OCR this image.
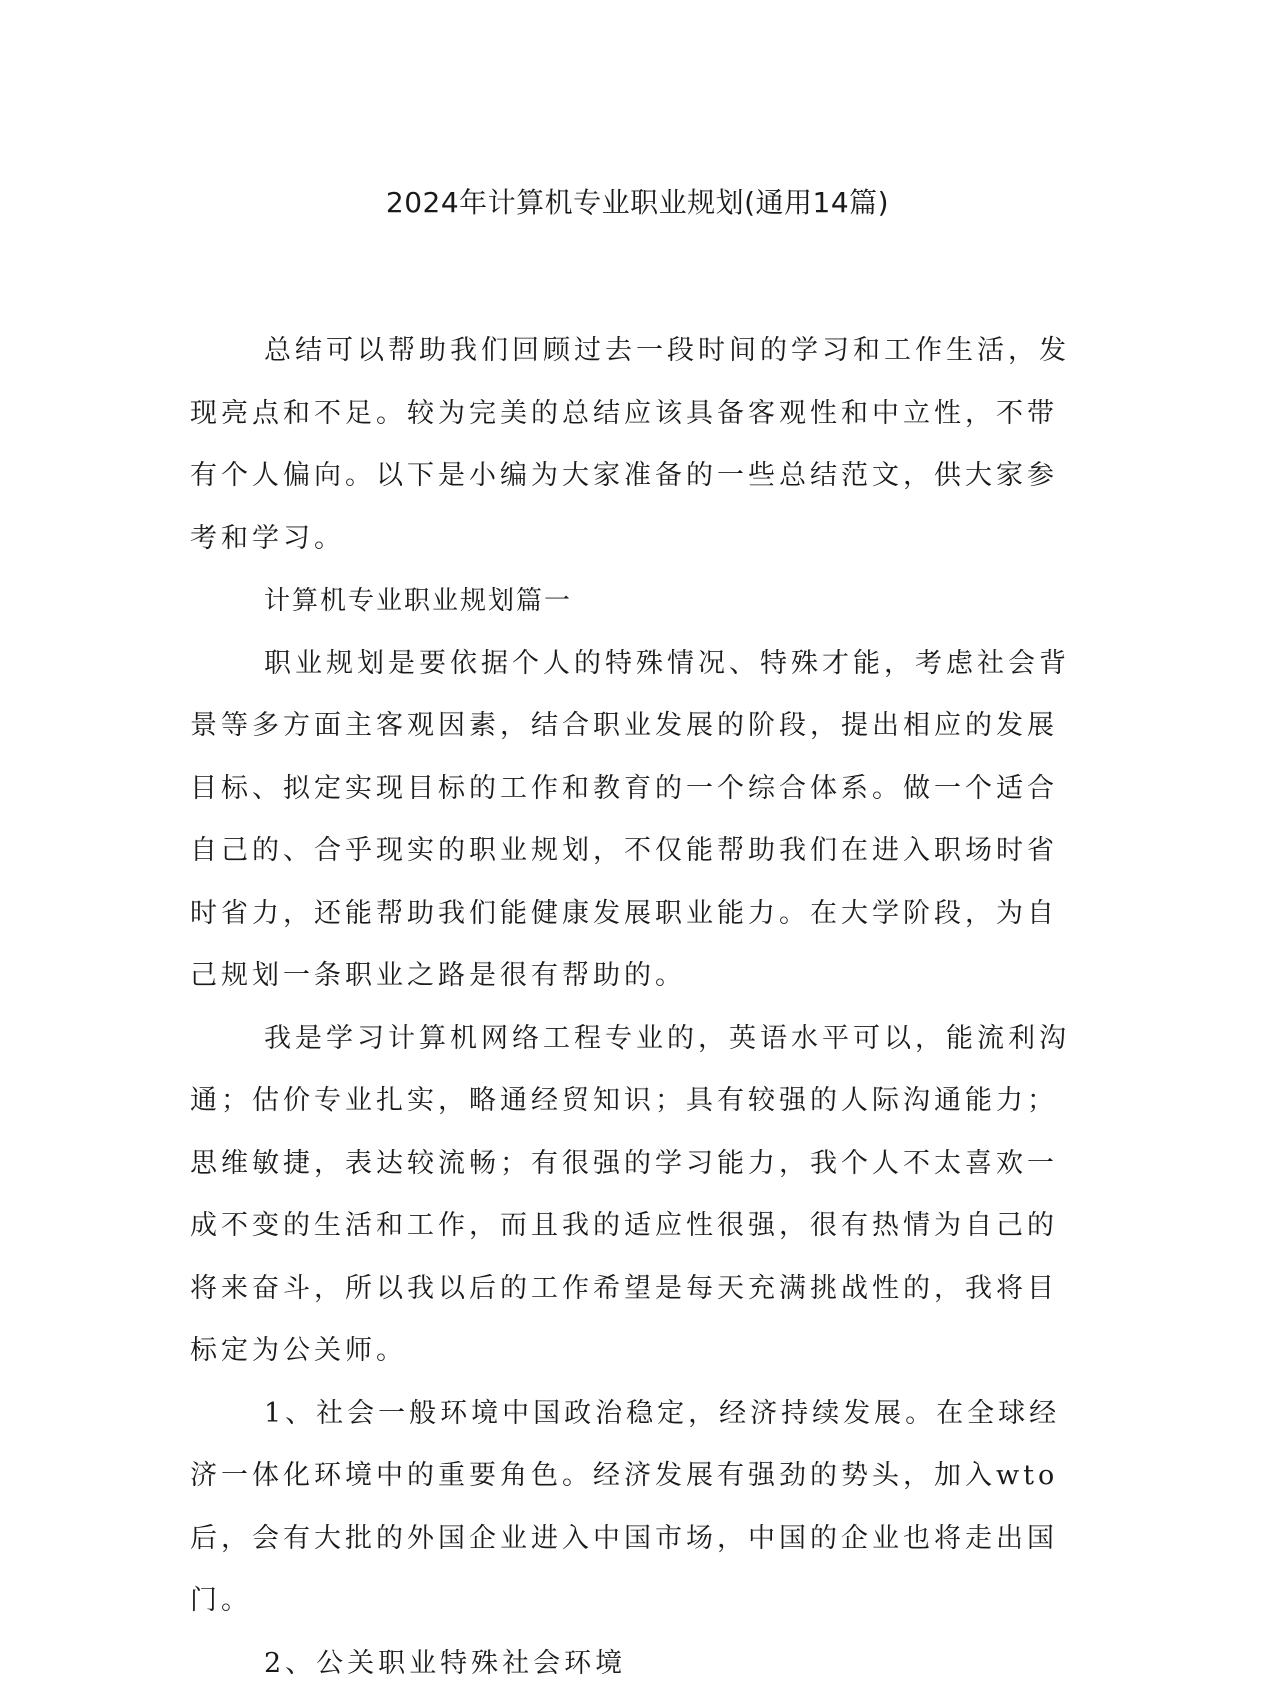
2024年计算机专业职业规划(通用14篇)

总结可以帮助我们回顾过去一段时间的学习和工作生活，发现亮点和不足。较为完美的总结应该具备客观性和中立性，不带有个人偏向。以下是小编为大家准备的一些总结范文，供大家参考和学习。

计算机专业职业规划篇一

职业规划是要依据个人的特殊情况、特殊才能，考虑社会背景等多方面主客观因素，结合职业发展的阶段，提出相应的发展目标、拟定实现目标的工作和教育的一个综合体系。做一个适合自己的、合乎现实的职业规划，不仅能帮助我们在进入职场时省时省力，还能帮助我们能健康发展职业能力。在大学阶段，为自己规划一条职业之路是很有帮助的。

我是学习计算机网络工程专业的，英语水平可以，能流利沟通；估价专业扎实，略通经贸知识；具有较强的人际沟通能力；思维敏捷，表达较流畅；有很强的学习能力，我个人不太喜欢一成不变的生活和工作，而且我的适应性很强，很有热情为自己的将来奋斗，所以我以后的工作希望是每天充满挑战性的，我将目标定为公关师。

1、社会一般环境中国政治稳定，经济持续发展。在全球经济一体化环境中的重要角色。经济发展有强劲的势头，加入wto后，会有大批的外国企业进入中国市场，中国的企业也将走出国门。

2、公关职业特殊社会环境
